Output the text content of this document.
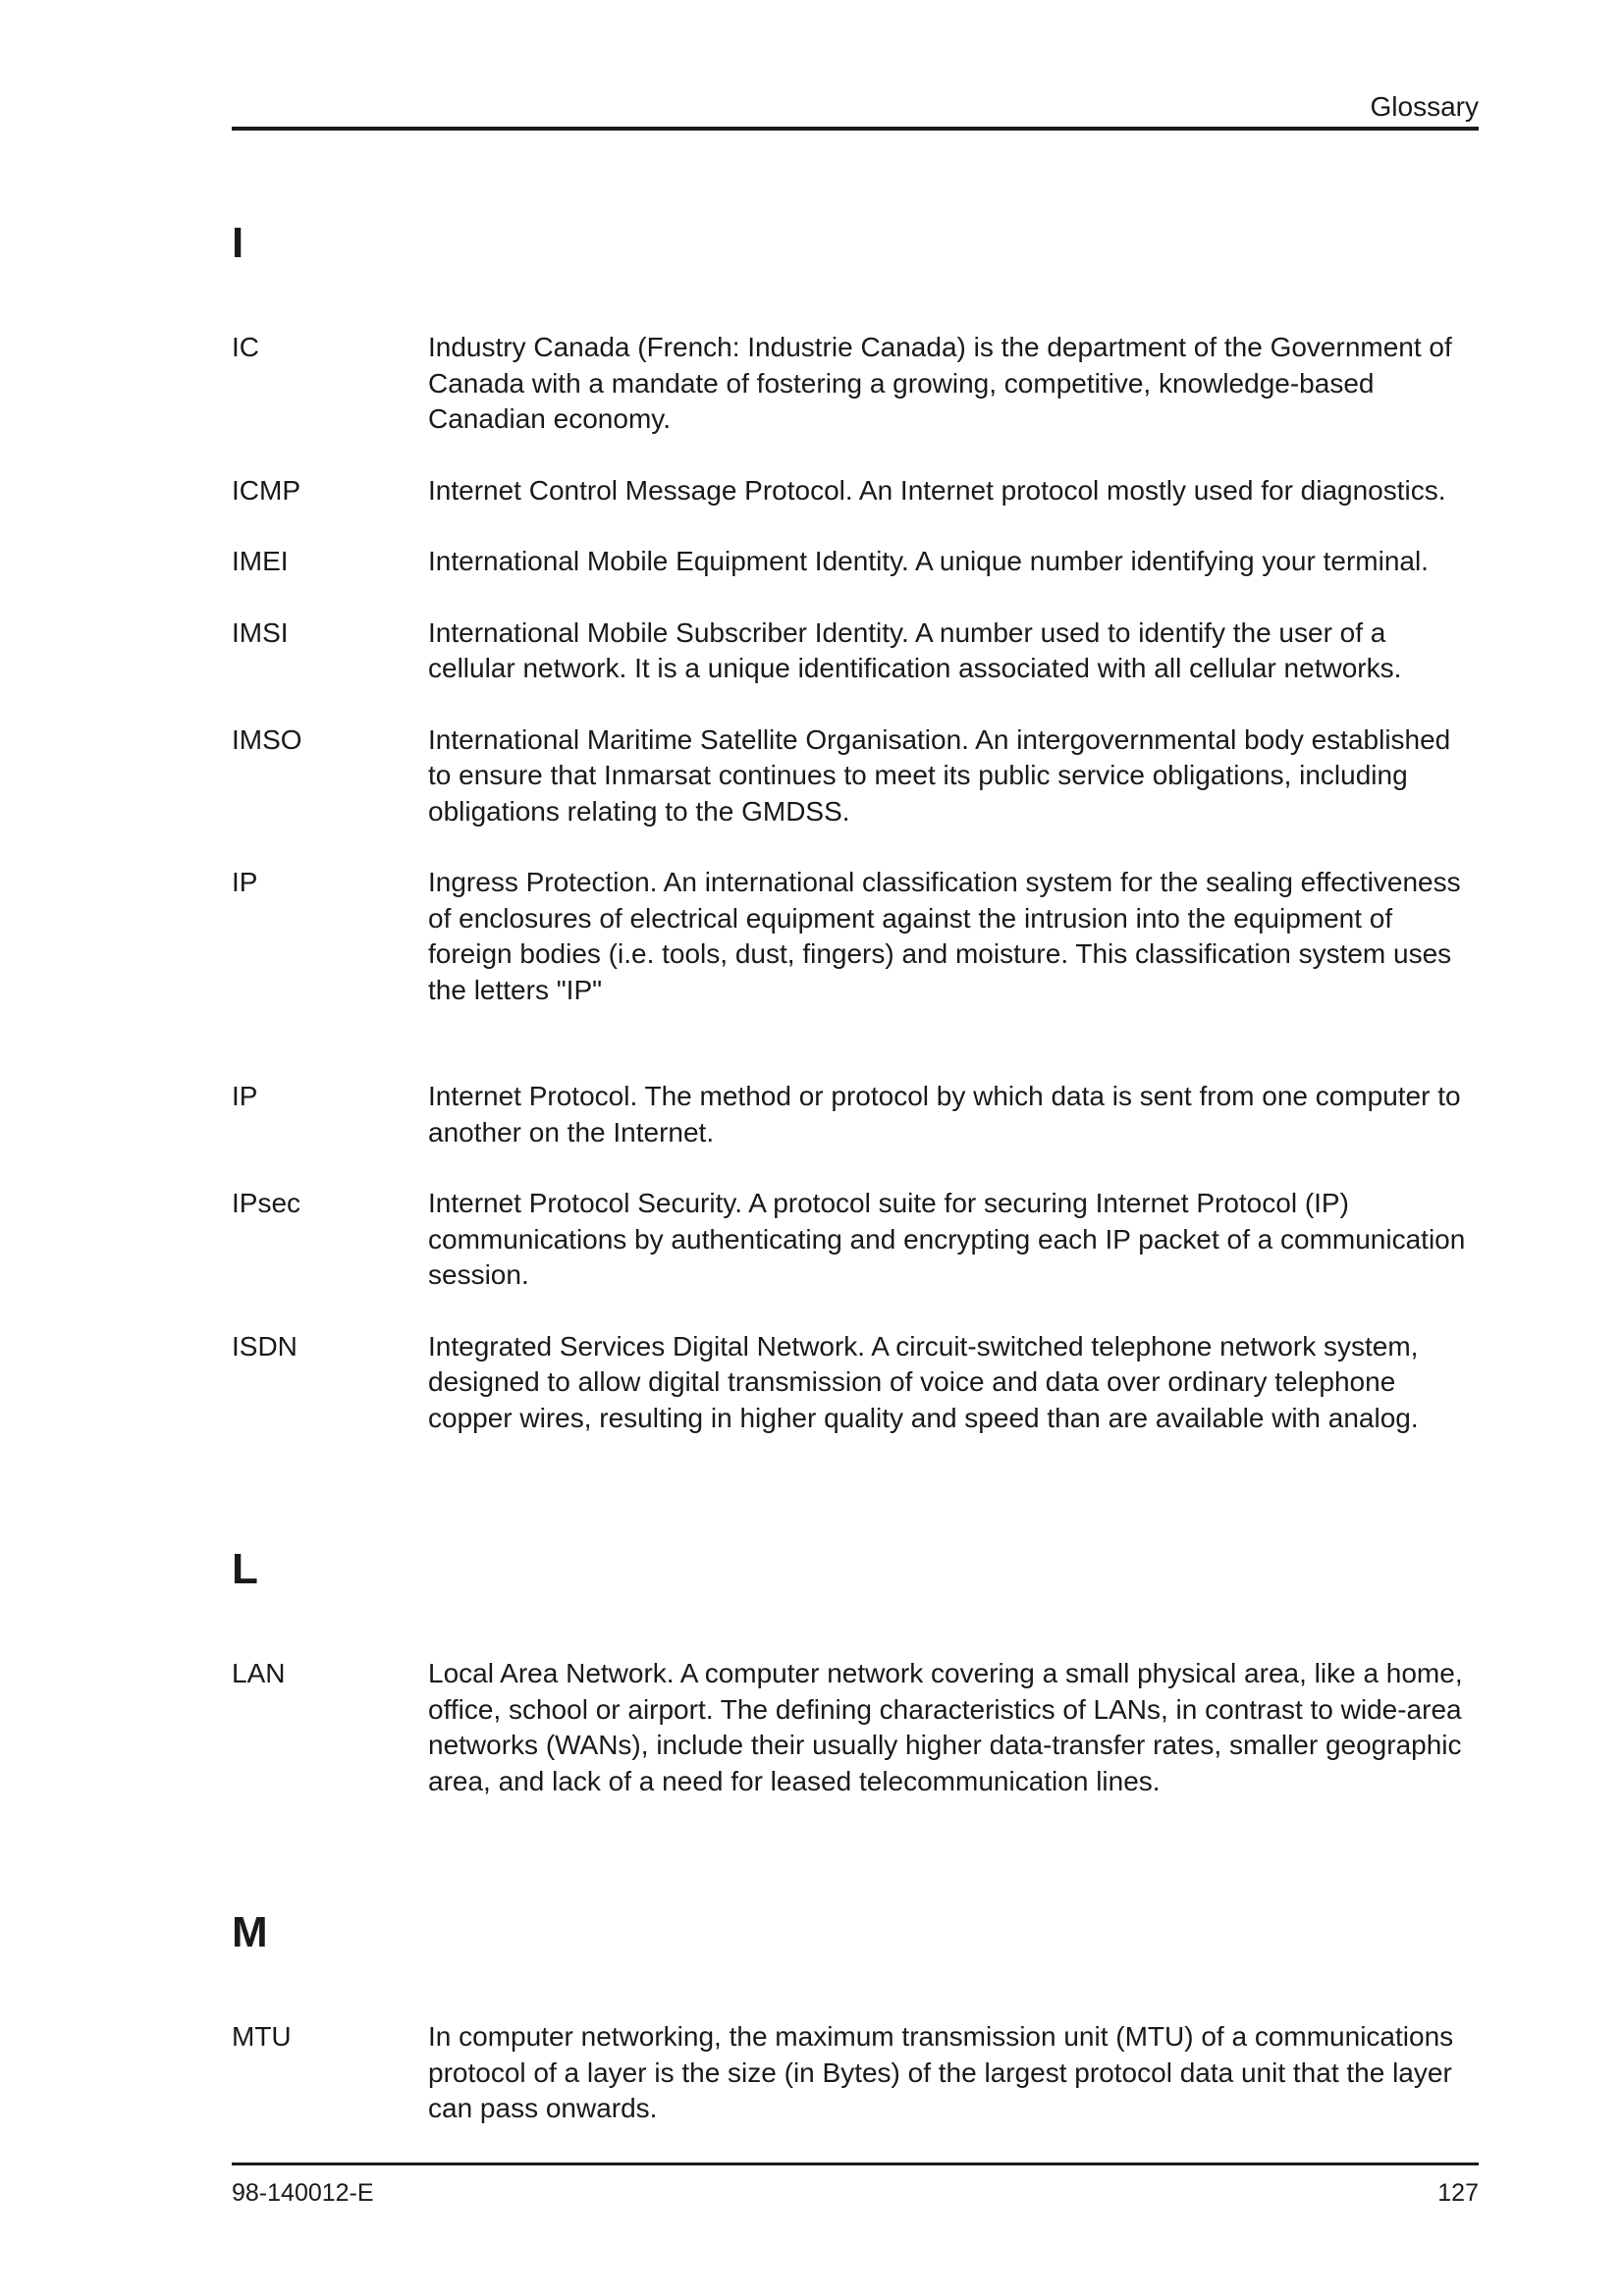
Glossary
I
IC	Industry Canada (French: Industrie Canada) is the department of the Government of Canada with a mandate of fostering a growing, competitive, knowledge-based Canadian economy.
ICMP	Internet Control Message Protocol. An Internet protocol mostly used for diagnostics.
IMEI	International Mobile Equipment Identity. A unique number identifying your terminal.
IMSI	International Mobile Subscriber Identity. A number used to identify the user of a cellular network. It is a unique identification associated with all cellular networks.
IMSO	International Maritime Satellite Organisation. An intergovernmental body established to ensure that Inmarsat continues to meet its public service obligations, including obligations relating to the GMDSS.
IP	Ingress Protection. An international classification system for the sealing effectiveness of enclosures of electrical equipment against the intrusion into the equipment of foreign bodies (i.e. tools, dust, fingers) and moisture. This classification system uses the letters "IP"
IP	Internet Protocol. The method or protocol by which data is sent from one computer to another on the Internet.
IPsec	Internet Protocol Security. A protocol suite for securing Internet Protocol (IP) communications by authenticating and encrypting each IP packet of a communication session.
ISDN	Integrated Services Digital Network. A circuit-switched telephone network system, designed to allow digital transmission of voice and data over ordinary telephone copper wires, resulting in higher quality and speed than are available with analog.
L
LAN	Local Area Network. A computer network covering a small physical area, like a home, office, school or airport. The defining characteristics of LANs, in contrast to wide-area networks (WANs), include their usually higher data-transfer rates, smaller geographic area, and lack of a need for leased telecommunication lines.
M
MTU	In computer networking, the maximum transmission unit (MTU) of a communications protocol of a layer is the size (in Bytes) of the largest protocol data unit that the layer can pass onwards.
98-140012-E	127
